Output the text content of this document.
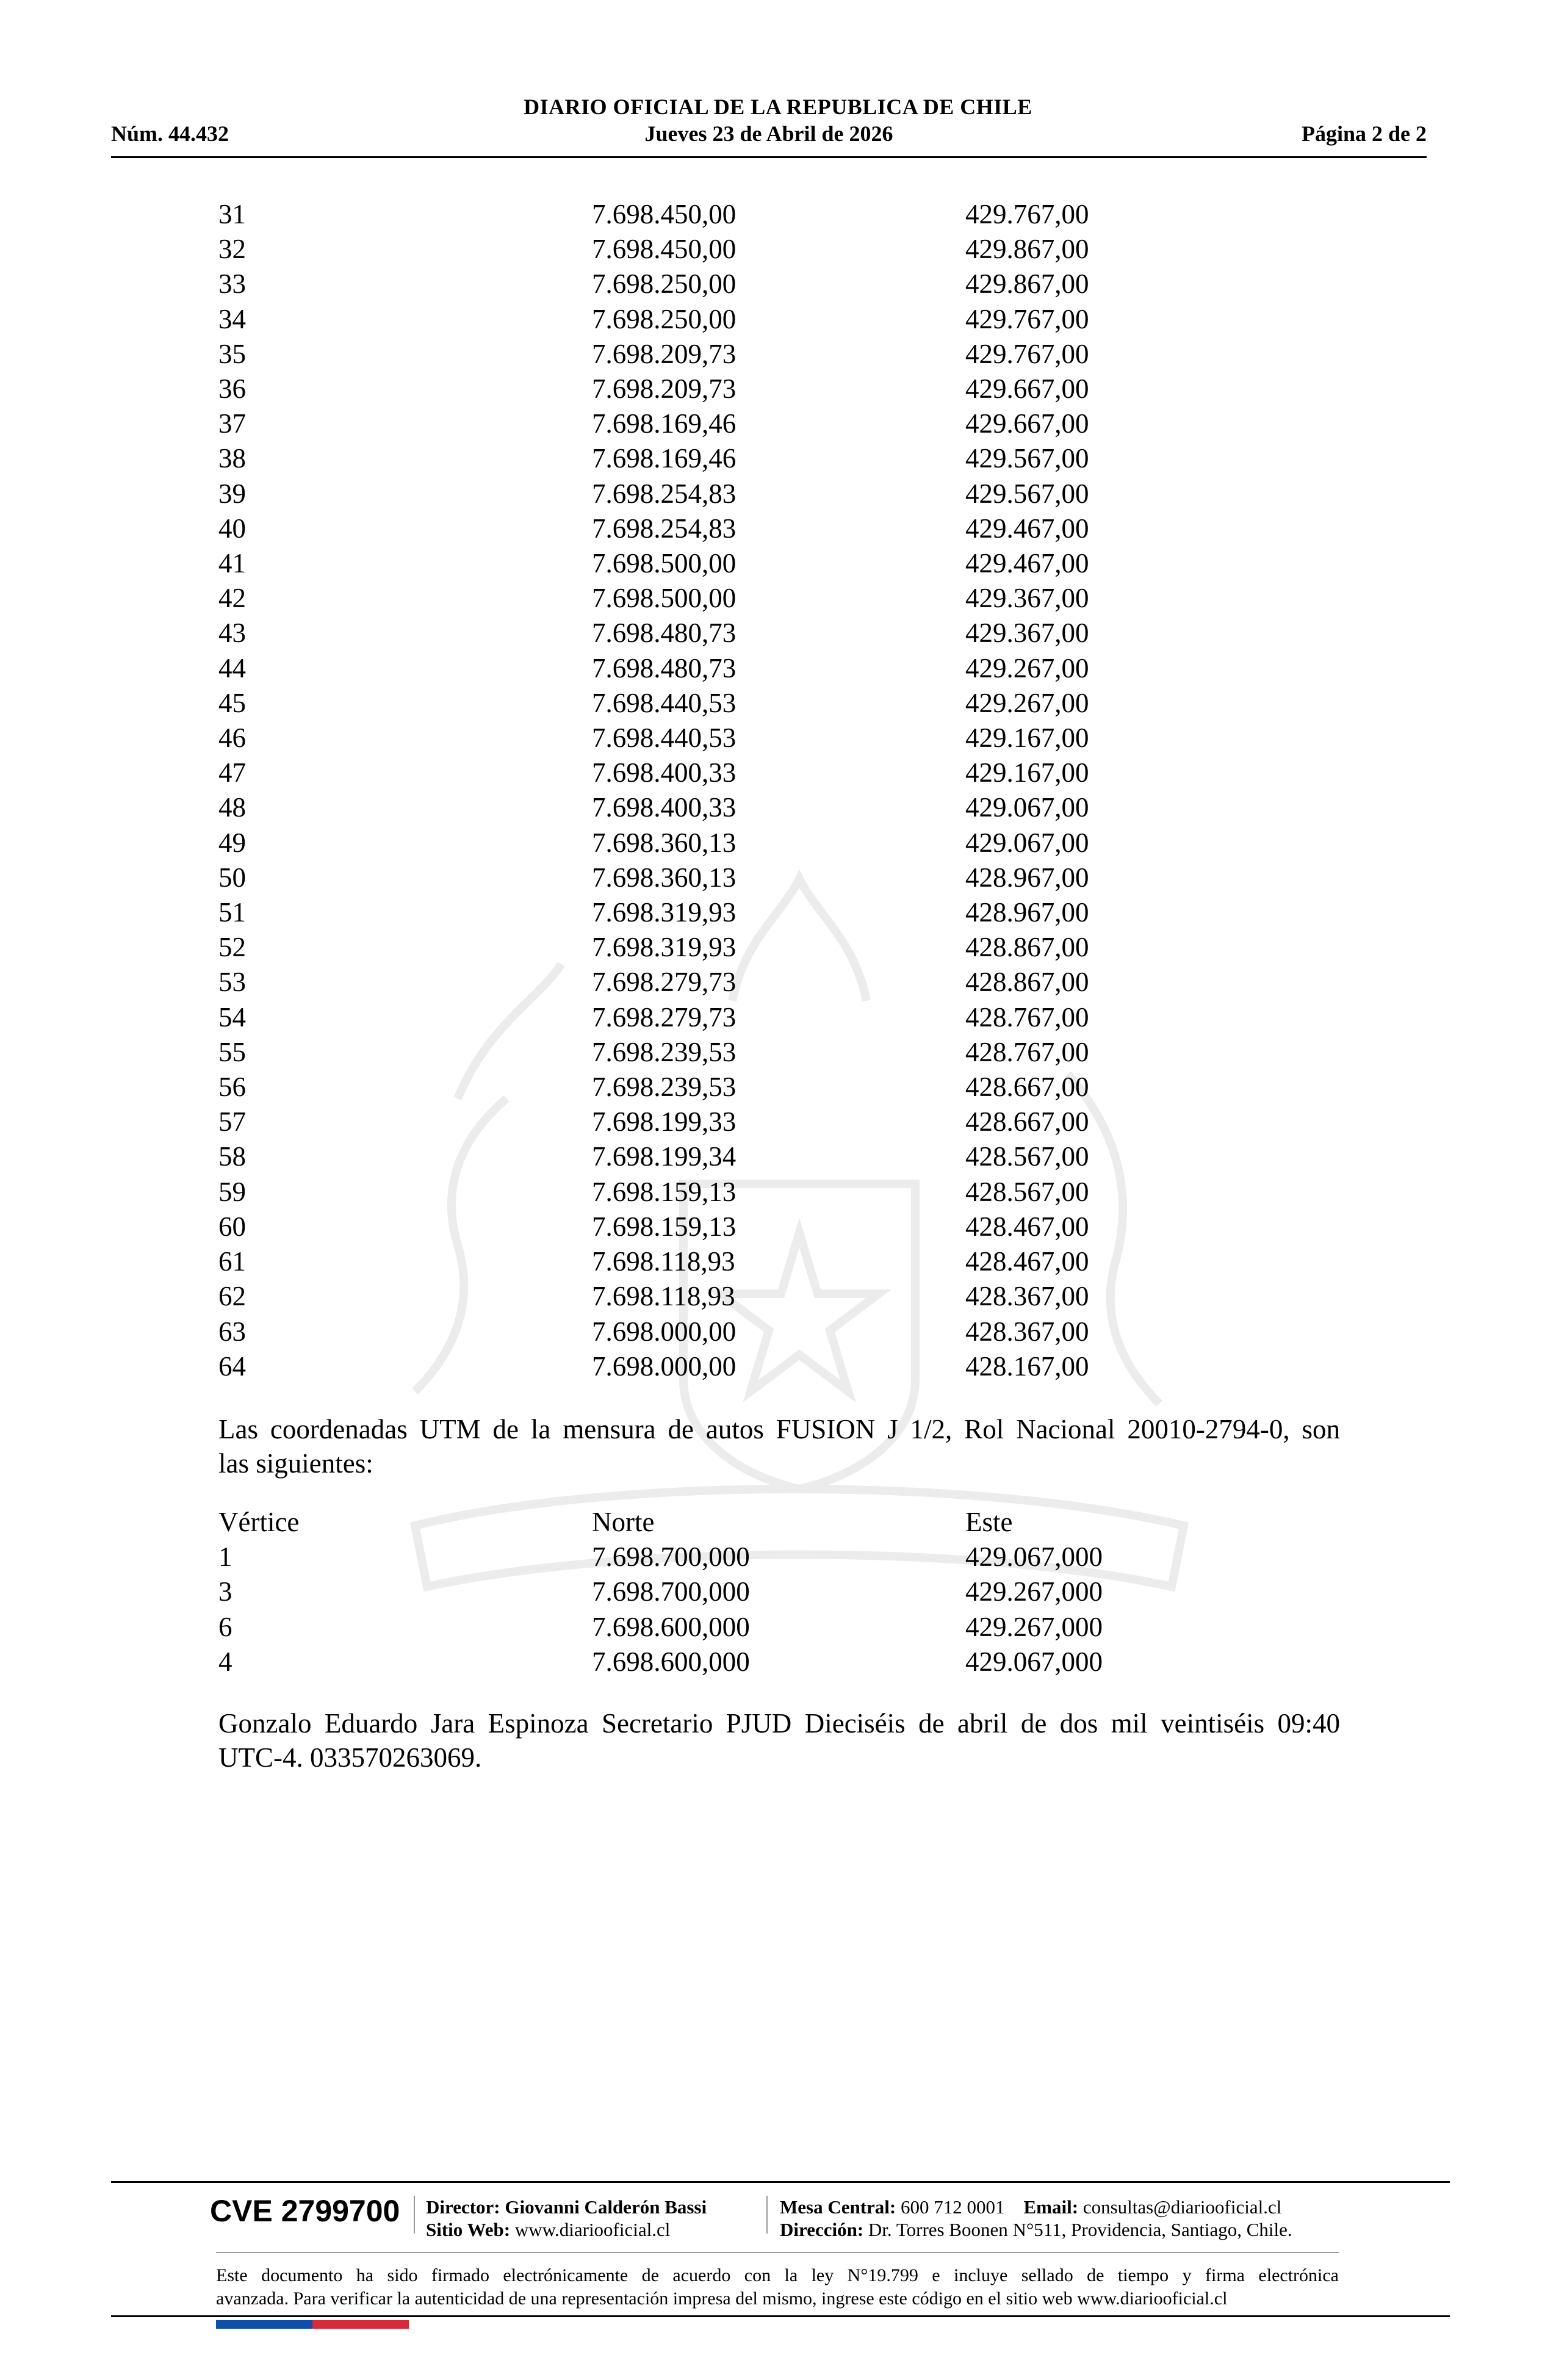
DIARIO OFICIAL DE LA REPUBLICA DE CHILE
Núm. 44.432	Jueves 23 de Abril de 2026	Página 2 de 2
31	7.698.450,00	429.767,00
32	7.698.450,00	429.867,00
33	7.698.250,00	429.867,00
34	7.698.250,00	429.767,00
35	7.698.209,73	429.767,00
36	7.698.209,73	429.667,00
37	7.698.169,46	429.667,00
38	7.698.169,46	429.567,00
39	7.698.254,83	429.567,00
40	7.698.254,83	429.467,00
41	7.698.500,00	429.467,00
42	7.698.500,00	429.367,00
43	7.698.480,73	429.367,00
44	7.698.480,73	429.267,00
45	7.698.440,53	429.267,00
46	7.698.440,53	429.167,00
47	7.698.400,33	429.167,00
48	7.698.400,33	429.067,00
49	7.698.360,13	429.067,00
50	7.698.360,13	428.967,00
51	7.698.319,93	428.967,00
52	7.698.319,93	428.867,00
53	7.698.279,73	428.867,00
54	7.698.279,73	428.767,00
55	7.698.239,53	428.767,00
56	7.698.239,53	428.667,00
57	7.698.199,33	428.667,00
58	7.698.199,34	428.567,00
59	7.698.159,13	428.567,00
60	7.698.159,13	428.467,00
61	7.698.118,93	428.467,00
62	7.698.118,93	428.367,00
63	7.698.000,00	428.367,00
64	7.698.000,00	428.167,00
Las coordenadas UTM de la mensura de autos FUSION J 1/2, Rol Nacional 20010-2794-0, son
las siguientes:
Vértice	Norte	Este
1	7.698.700,000	429.067,000
3	7.698.700,000	429.267,000
6	7.698.600,000	429.267,000
4	7.698.600,000	429.067,000
Gonzalo Eduardo Jara Espinoza Secretario PJUD Dieciséis de abril de dos mil veintiséis 09:40
UTC-4. 033570263069.
CVE 2799700 Director: Giovanni Calderón Bassi
Sitio Web: www.diariooficial.cl
Mesa Central: 600 712 0001 Email: consultas@diariooficial.cl
Dirección: Dr. Torres Boonen N°511, Providencia, Santiago, Chile.
Este documento ha sido firmado electrónicamente de acuerdo con la ley N°19.799 e incluye sellado de tiempo y firma electrónica
avanzada. Para verificar la autenticidad de una representación impresa del mismo, ingrese este código en el sitio web www.diariooficial.cl
